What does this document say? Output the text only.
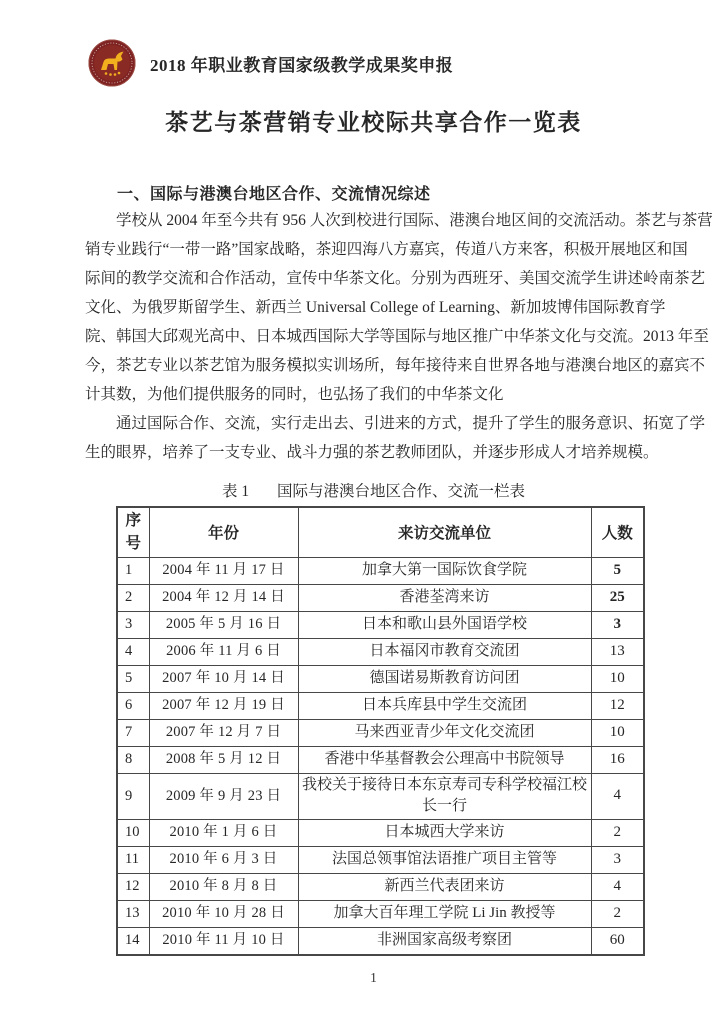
2018 年职业教育国家级教学成果奖申报
茶艺与茶营销专业校际共享合作一览表
一、国际与港澳台地区合作、交流情况综述
学校从 2004 年至今共有 956 人次到校进行国际、港澳台地区间的交流活动。茶艺与茶营
销专业践行“一带一路”国家战略，茶迎四海八方嘉宾，传道八方来客，积极开展地区和国
际间的教学交流和合作活动，宣传中华茶文化。分别为西班牙、美国交流学生讲述岭南茶艺
文化、为俄罗斯留学生、新西兰 Universal College of Learning、新加坡博伟国际教育学
院、韩国大邱观光高中、日本城西国际大学等国际与地区推广中华茶文化与交流。2013 年至
今，茶艺专业以茶艺馆为服务模拟实训场所，每年接待来自世界各地与港澳台地区的嘉宾不
计其数，为他们提供服务的同时，也弘扬了我们的中华茶文化
通过国际合作、交流，实行走出去、引进来的方式，提升了学生的服务意识、拓宽了学
生的眼界，培养了一支专业、战斗力强的茶艺教师团队，并逐步形成人才培养规模。
表 1 国际与港澳台地区合作、交流一栏表
序号	年份	来访交流单位	人数
1	2004 年 11 月 17 日	加拿大第一国际饮食学院	5
2	2004 年 12 月 14 日	香港荃湾来访	25
3	2005 年 5 月 16 日	日本和歌山县外国语学校	3
4	2006 年 11 月 6 日	日本福冈市教育交流团	13
5	2007 年 10 月 14 日	德国诺易斯教育访问团	10
6	2007 年 12 月 19 日	日本兵库县中学生交流团	12
7	2007 年 12 月 7 日	马来西亚青少年文化交流团	10
8	2008 年 5 月 12 日	香港中华基督教会公理高中书院领导	16
9	2009 年 9 月 23 日	我校关于接待日本东京寿司专科学校福江校长一行	4
10	2010 年 1 月 6 日	日本城西大学来访	2
11	2010 年 6 月 3 日	法国总领事馆法语推广项目主管等	3
12	2010 年 8 月 8 日	新西兰代表团来访	4
13	2010 年 10 月 28 日	加拿大百年理工学院 Li Jin 教授等	2
14	2010 年 11 月 10 日	非洲国家高级考察团	60
1
